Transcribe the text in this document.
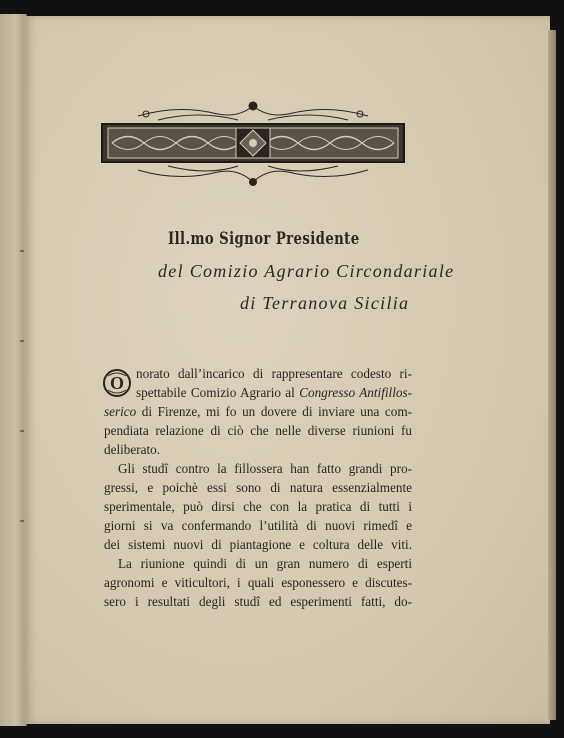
Ill.mo Signor Presidente
del Comizio Agrario Circondariale
di Terranova Sicilia
O norato dall’incarico di rappresentare codesto ri-
spettabile Comizio Agrario al Congresso Antifillos-
serico di Firenze, mi fo un dovere di inviare una com-
pendiata relazione di ciò che nelle diverse riunioni fu
deliberato.
Gli studî contro la fillossera han fatto grandi pro-
gressi, e poichè essi sono di natura essenzialmente
sperimentale, può dirsi che con la pratica di tutti i
giorni si va confermando l’utilità di nuovi rimedî e
dei sistemi nuovi di piantagione e coltura delle viti.
La riunione quindi di un gran numero di esperti
agronomi e viticultori, i quali esponessero e discutes-
sero i resultati degli studî ed esperimenti fatti, do-
